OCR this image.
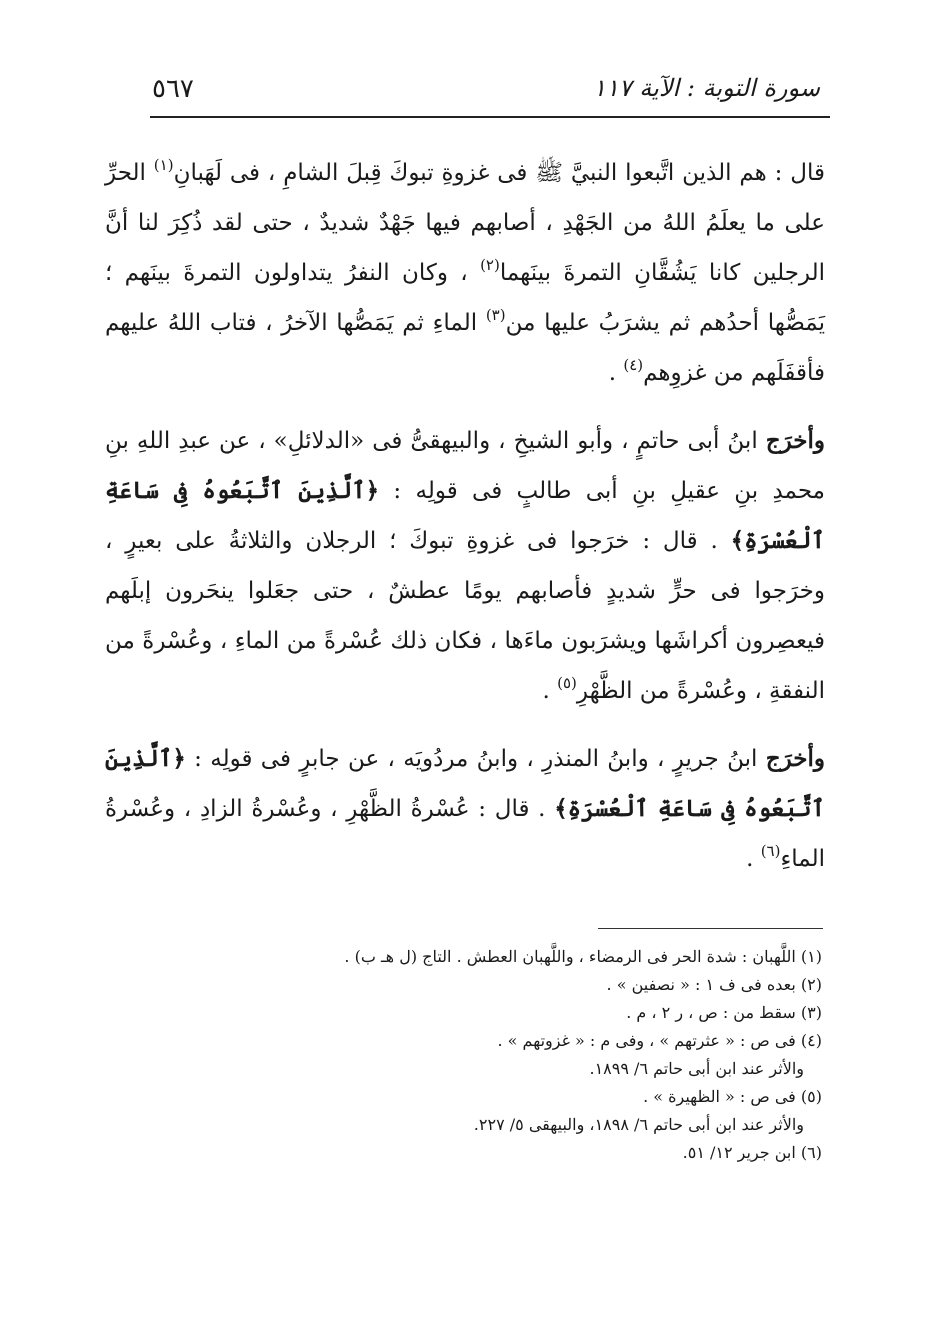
سورة التوبة : الآية ١١٧
٥٦٧

قال : هم الذين اتَّبعوا النبيَّ ﷺ فى غزوةِ تبوكَ قِبلَ الشامِ ، فى لَهَبانِ$^{(١)}$ الحرِّ على ما يعلَمُ اللهُ من الجَهْدِ ، أصابهم فيها جَهْدٌ شديدٌ ، حتى لقد ذُكِرَ لنا أنَّ الرجلين كانا يَشُقَّانِ التمرةَ بينَهما$^{(٢)}$ ، وكان النفرُ يتداولون التمرةَ بينَهم ؛ يَمَصُّها أحدُهم ثم يشرَبُ عليها من$^{(٣)}$ الماءِ ثم يَمَصُّها الآخرُ ، فتاب اللهُ عليهم فأقفَلَهم من غزوِهم$^{(٤)}$ .

وأخرَج ابنُ أبى حاتمٍ ، وأبو الشيخِ ، والبيهقىُّ فى «الدلائلِ» ، عن عبدِ اللهِ بنِ محمدِ بنِ عقيلِ بنِ أبى طالبٍ فى قولِه : ﴿ٱلَّذِينَ ٱتَّبَعُوهُ فِى سَاعَةِ ٱلْعُسْرَةِ﴾ . قال : خرَجوا فى غزوةِ تبوكَ ؛ الرجلان والثلاثةُ على بعيرٍ ، وخرَجوا فى حرٍّ شديدٍ فأصابهم يومًا عطشٌ ، حتى جعَلوا ينحَرون إبلَهم فيعصِرون أكراشَها ويشرَبون ماءَها ، فكان ذلك عُسْرةً من الماءِ ، وعُسْرةً من النفقةِ ، وعُسْرةً من الظَّهْرِ$^{(٥)}$ .

وأخرَج ابنُ جريرٍ ، وابنُ المنذرِ ، وابنُ مردُويَه ، عن جابرٍ فى قولِه : ﴿ٱلَّذِينَ ٱتَّبَعُوهُ فِى سَاعَةِ ٱلْعُسْرَةِ﴾ . قال : عُسْرةُ الظَّهْرِ ، وعُسْرةُ الزادِ ، وعُسْرةُ الماءِ$^{(٦)}$ .

(١) اللَّهبان : شدة الحر فى الرمضاء ، واللَّهبان العطش . التاج (ل هـ ب) .
(٢) بعده فى ف ١ : « نصفين » .
(٣) سقط من : ص ، ر ٢ ، م .
(٤) فى ص : « عثرتهم » ، وفى م : « غزوتهم » .
والأثر عند ابن أبى حاتم ٦/ ١٨٩٩.
(٥) فى ص : « الظهيرة » .
والأثر عند ابن أبى حاتم ٦/ ١٨٩٨، والبيهقى ٥/ ٢٢٧.
(٦) ابن جرير ١٢/ ٥١.
